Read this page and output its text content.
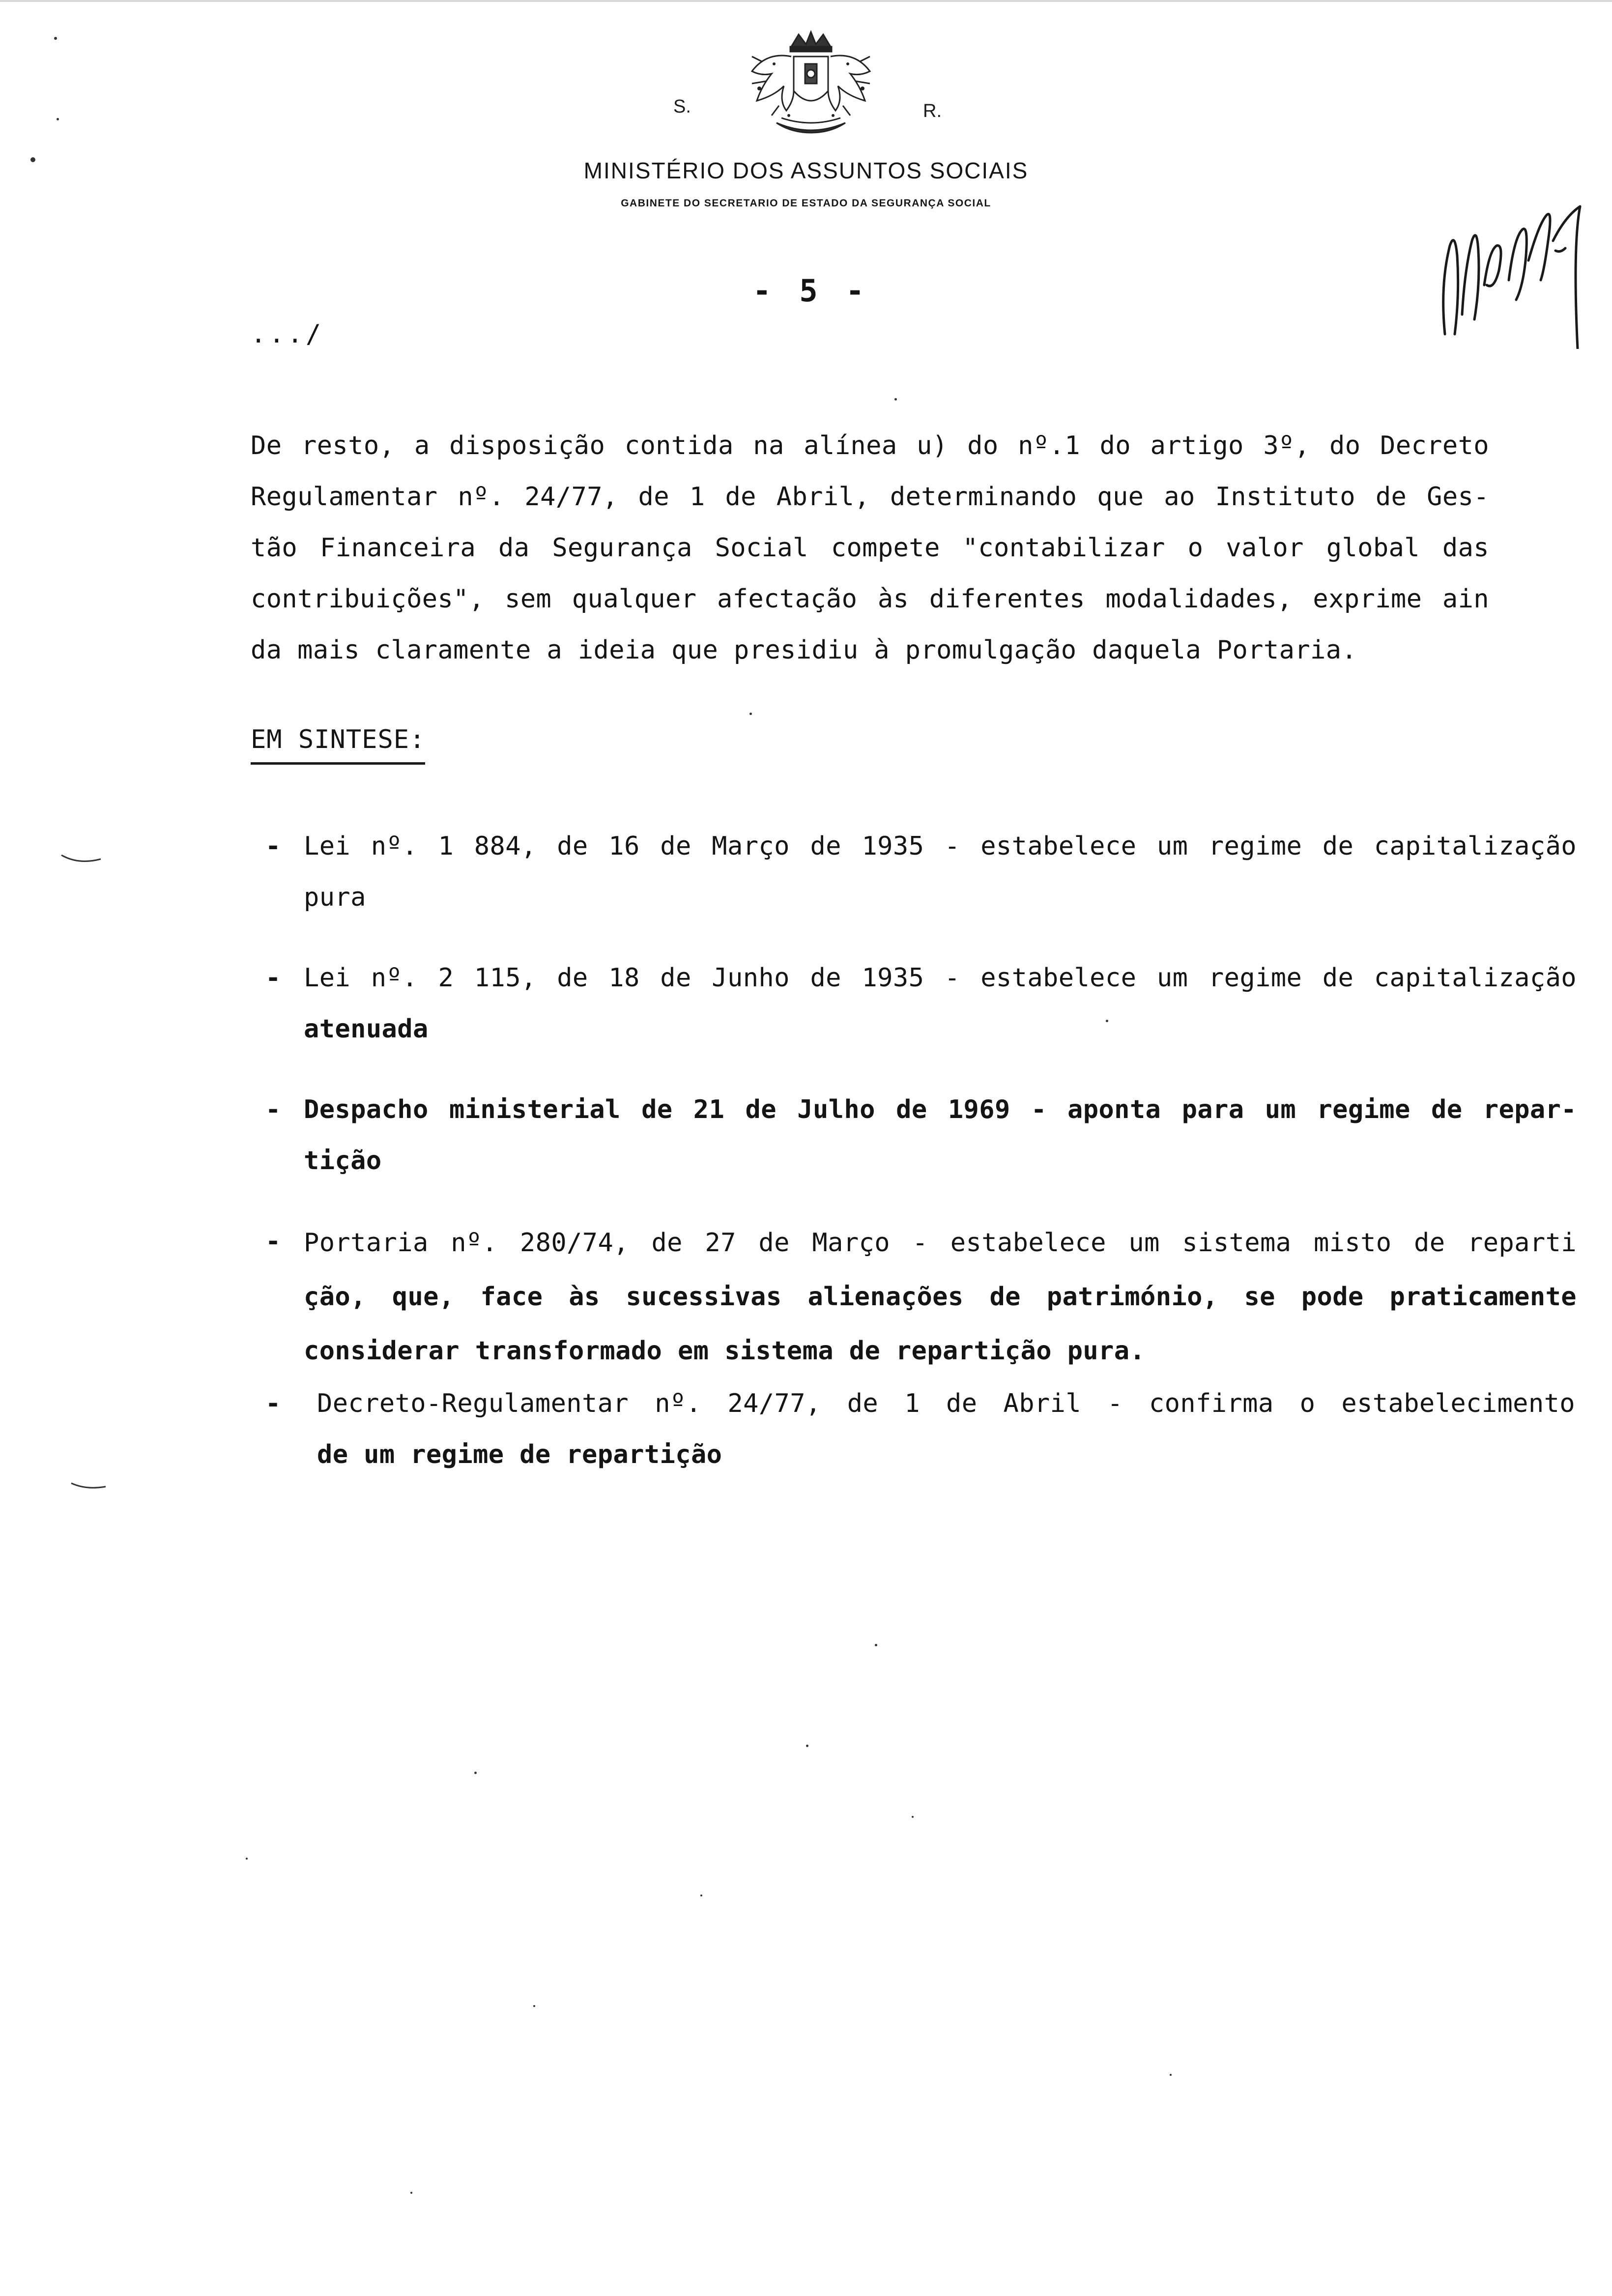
S.	R.
MINISTÉRIO DOS ASSUNTOS SOCIAIS
GABINETE DO SECRETARIO DE ESTADO DA SEGURANÇA SOCIAL
- 5 -
.../
De resto, a disposição contida na alínea u) do nº.1 do artigo 3º, do Decreto
Regulamentar nº. 24/77, de 1 de Abril, determinando que ao Instituto de Ges-
tão Financeira da Segurança Social compete "contabilizar o valor global das
contribuições", sem qualquer afectação às diferentes modalidades, exprime ain
da mais claramente a ideia que presidiu à promulgação daquela Portaria.
EM SINTESE:
- Lei nº. 1 884, de 16 de Março de 1935 - estabelece um regime de capitalização
pura
- Lei nº. 2 115, de 18 de Junho de 1935 - estabelece um regime de capitalização
atenuada
- Despacho ministerial de 21 de Julho de 1969 - aponta para um regime de repar-
tição
- Portaria nº. 280/74, de 27 de Março - estabelece um sistema misto de reparti
ção, que, face às sucessivas alienações de património, se pode praticamente
considerar transformado em sistema de repartição pura.
- Decreto-Regulamentar nº. 24/77, de 1 de Abril - confirma o estabelecimento
de um regime de repartição
